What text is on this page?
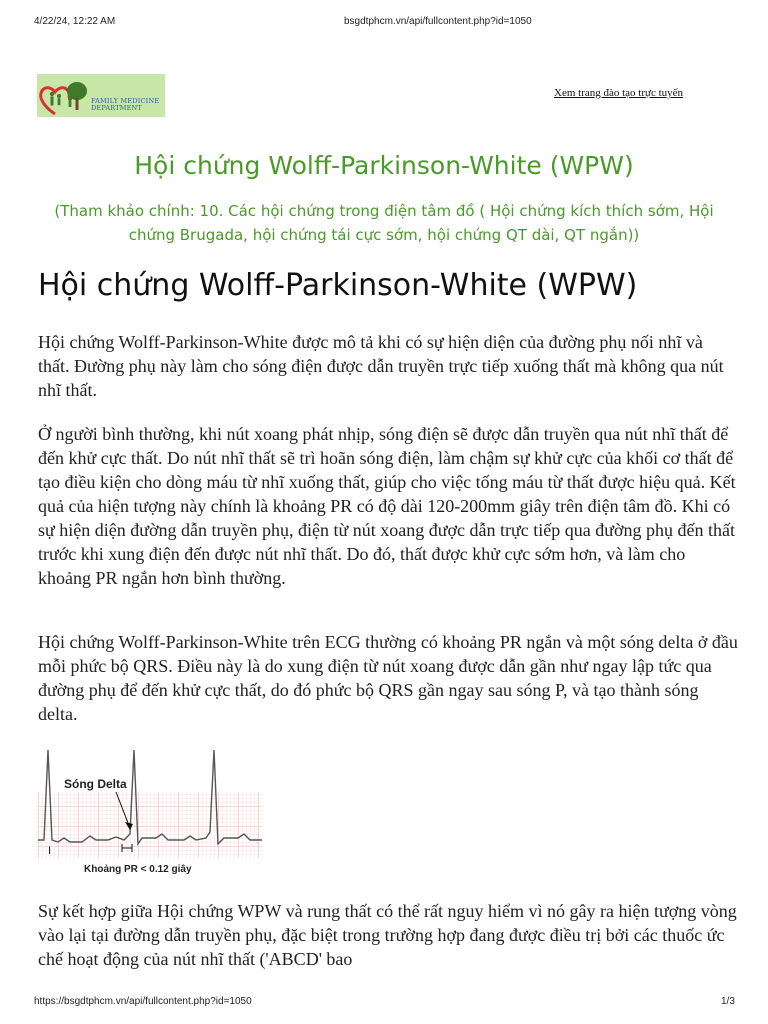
4/22/24, 12:22 AM	bsgdtphcm.vn/api/fullcontent.php?id=1050
FAMILY MEDICINE
DEPARTMENT
Xem trang đào tạo trực tuyến
Hội chứng Wolff-Parkinson-White (WPW)
(Tham khảo chính: 10. Các hội chứng trong điện tâm đồ ( Hội chứng kích thích sớm, Hội chứng Brugada, hội chứng tái cực sớm, hội chứng QT dài, QT ngắn))
Hội chứng Wolff-Parkinson-White (WPW)

Hội chứng Wolff-Parkinson-White được mô tả khi có sự hiện diện của đường phụ nối nhĩ và thất. Đường phụ này làm cho sóng điện được dẫn truyền trực tiếp xuống thất mà không qua nút nhĩ thất.

Ở người bình thường, khi nút xoang phát nhịp, sóng điện sẽ được dẫn truyền qua nút nhĩ thất để đến khử cực thất. Do nút nhĩ thất sẽ trì hoãn sóng điện, làm chậm sự khử cực của khối cơ thất để tạo điều kiện cho dòng máu từ nhĩ xuống thất, giúp cho việc tống máu từ thất được hiệu quả. Kết quả của hiện tượng này chính là khoảng PR có độ dài 120-200mm giây trên điện tâm đồ. Khi có sự hiện diện đường dẫn truyền phụ, điện từ nút xoang được dẫn trực tiếp qua đường phụ đến thất trước khi xung điện đến được nút nhĩ thất. Do đó, thất được khử cực sớm hơn, và làm cho khoảng PR ngắn hơn bình thường.

Hội chứng Wolff-Parkinson-White trên ECG thường có khoảng PR ngắn và một sóng delta ở đầu mỗi phức bộ QRS. Điều này là do xung điện từ nút xoang được dẫn gần như ngay lập tức qua đường phụ để đến khử cực thất, do đó phức bộ QRS gần ngay sau sóng P, và tạo thành sóng delta.

Sóng Delta
I
Khoảng PR < 0.12 giây

Sự kết hợp giữa Hội chứng WPW và rung thất có thể rất nguy hiểm vì nó gây ra hiện tượng vòng vào lại tại đường dẫn truyền phụ, đặc biệt trong trường hợp đang được điều trị bởi các thuốc ức chế hoạt động của nút nhĩ thất ('ABCD' bao

https://bsgdtphcm.vn/api/fullcontent.php?id=1050	1/3
